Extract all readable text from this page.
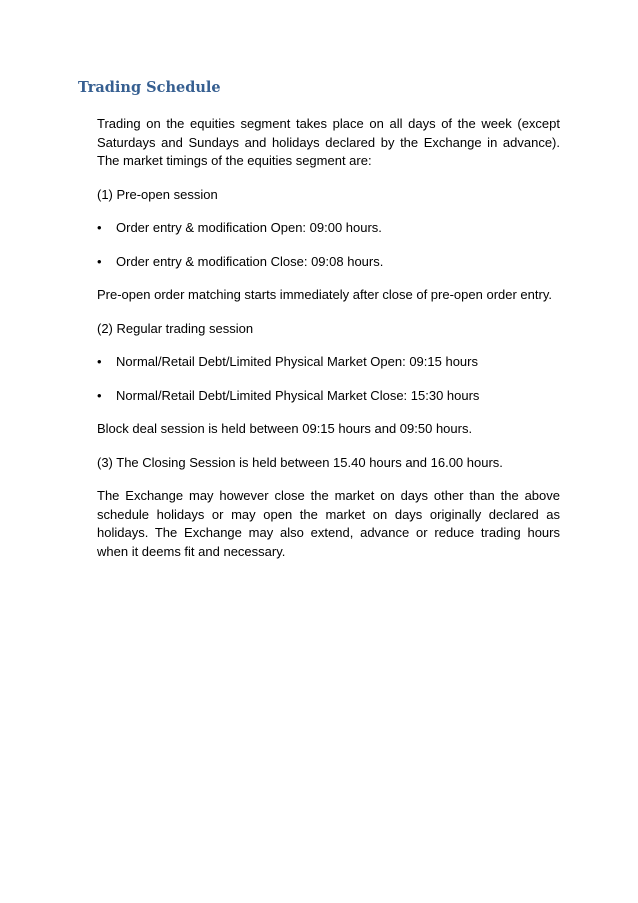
Trading Schedule

Trading on the equities segment takes place on all days of the week (except Saturdays and Sundays and holidays declared by the Exchange in advance). The market timings of the equities segment are:

(1) Pre-open session

•	Order entry & modification Open: 09:00 hours.
•	Order entry & modification Close: 09:08 hours.

Pre-open order matching starts immediately after close of pre-open order entry.

(2) Regular trading session

•	Normal/Retail Debt/Limited Physical Market Open: 09:15 hours
•	Normal/Retail Debt/Limited Physical Market Close: 15:30 hours

Block deal session is held between 09:15 hours and 09:50 hours.

(3) The Closing Session is held between 15.40 hours and 16.00 hours.

The Exchange may however close the market on days other than the above schedule holidays or may open the market on days originally declared as holidays. The Exchange may also extend, advance or reduce trading hours when it deems fit and necessary.
